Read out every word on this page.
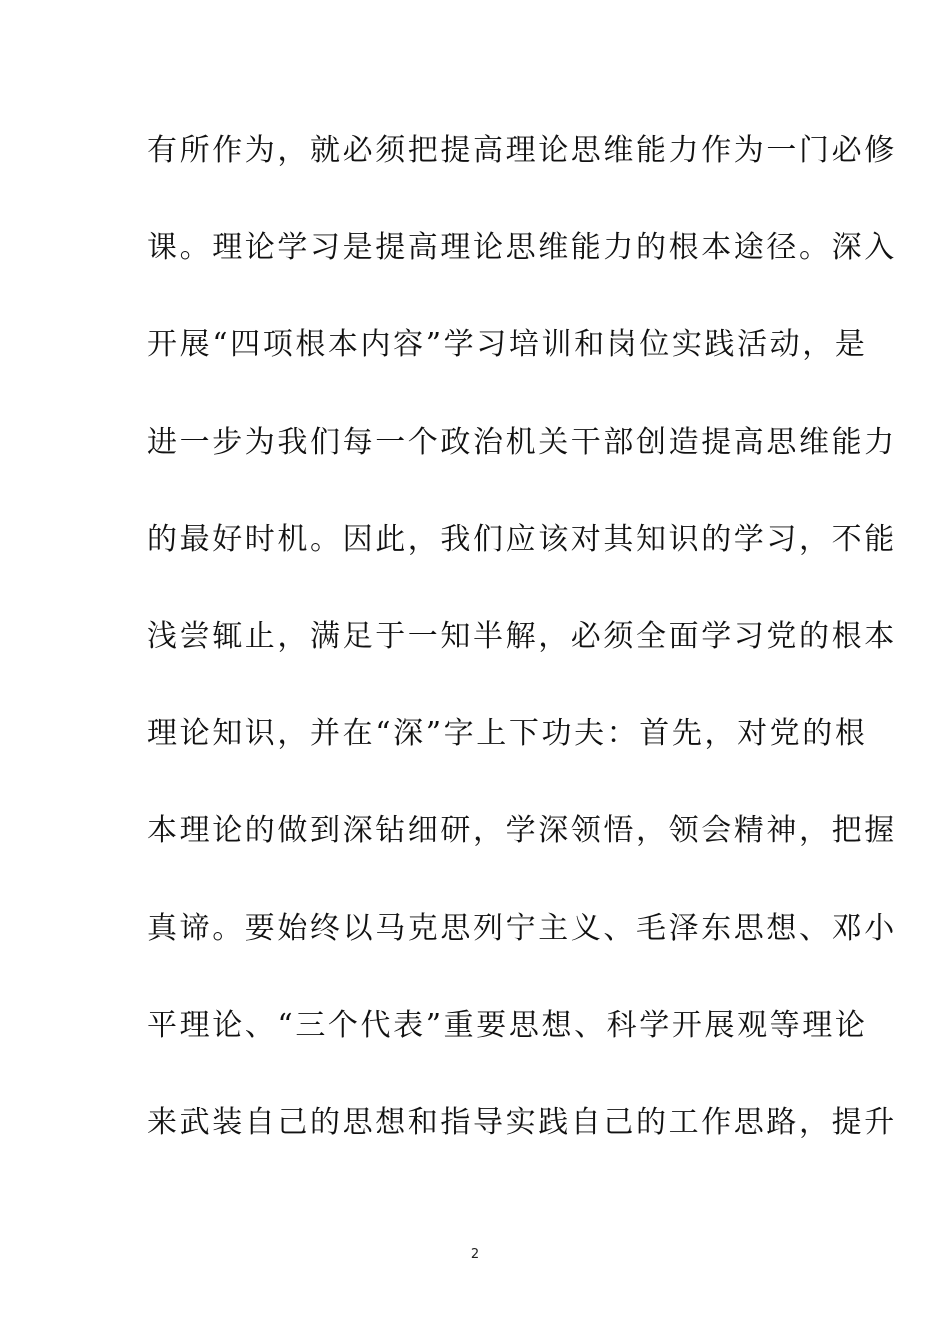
有所作为，就必须把提高理论思维能力作为一门必修
课。理论学习是提高理论思维能力的根本途径。深入
开展“四项根本内容”学习培训和岗位实践活动，是
进一步为我们每一个政治机关干部创造提高思维能力
的最好时机。因此，我们应该对其知识的学习，不能
浅尝辄止，满足于一知半解，必须全面学习党的根本
理论知识，并在“深”字上下功夫：首先，对党的根
本理论的做到深钻细研，学深领悟，领会精神，把握
真谛。要始终以马克思列宁主义、毛泽东思想、邓小
平理论、“三个代表”重要思想、科学开展观等理论
来武装自己的思想和指导实践自己的工作思路，提升
2
